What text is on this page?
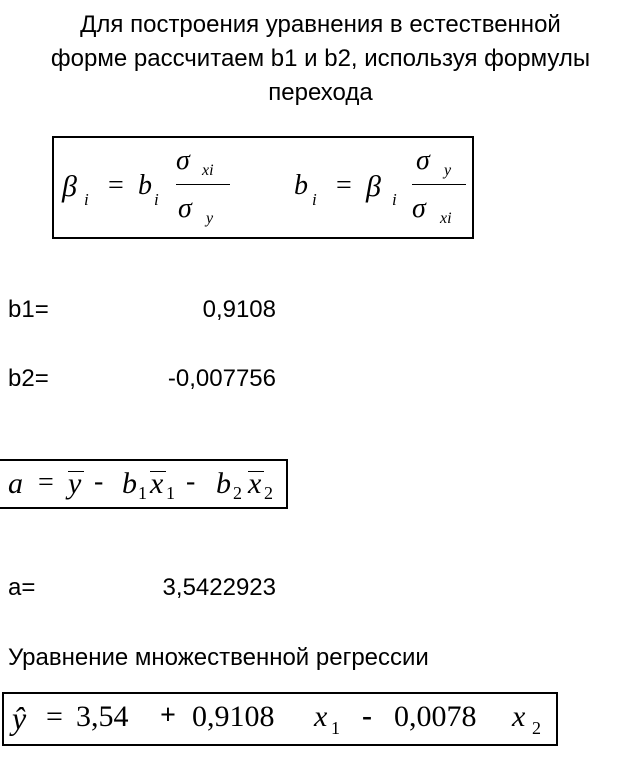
Для построения уравнения в естественной
форме рассчитаем b1 и b2, используя формулы
перехода
β i = b i
σ xi
σ y
b i = β i
σ y
σ xi
b1=	0,9108
b2=	-0,007756
a = y - b 1 x 1 - b 2 x 2
a=	3,5422923
Уравнение множественной регрессии
ŷ = 3,54 + 0,9108 x 1 - 0,0078 x 2
